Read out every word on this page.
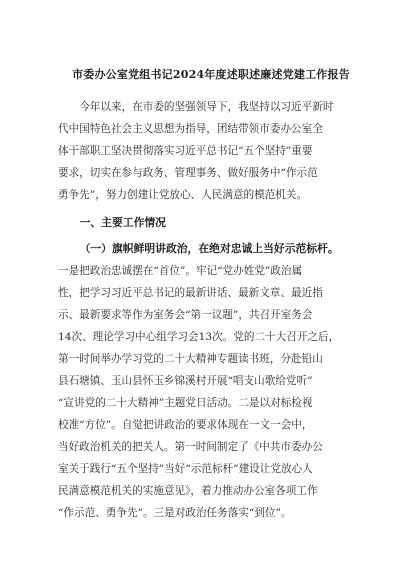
市委办公室党组书记2024年度述职述廉述党建工作报告
今年以来，在市委的坚强领导下，我坚持以习近平新时
代中国特色社会主义思想为指导，团结带领市委办公室全
体干部职工坚决贯彻落实习近平总书记“五个坚持”重要
要求，切实在参与政务、管理事务、做好服务中“作示范
勇争先”，努力创建让党放心、人民满意的模范机关。
一、主要工作情况
（一）旗帜鲜明讲政治，在绝对忠诚上当好示范标杆。
一是把政治忠诚摆在“首位”。牢记“党办姓党”政治属
性，把学习习近平总书记的最新讲话、最新文章、最近指
示、最新要求等作为室务会“第一议题”，共召开室务会
14次、理论学习中心组学习会13次。党的二十大召开之后，
第一时间举办学习党的二十大精神专题读书班，分赴铅山
县石塘镇、玉山县怀玉乡锦溪村开展“唱支山歌给党听”
“宣讲党的二十大精神”主题党日活动。二是以对标检视
校准“方位”。自觉把讲政治的要求体现在一文一会中，
当好政治机关的把关人。第一时间制定了《中共市委办公
室关于践行“五个坚持”当好“示范标杆”建设让党放心人
民满意模范机关的实施意见》，着力推动办公室各项工作
“作示范、勇争先”。三是对政治任务落实“到位”。
